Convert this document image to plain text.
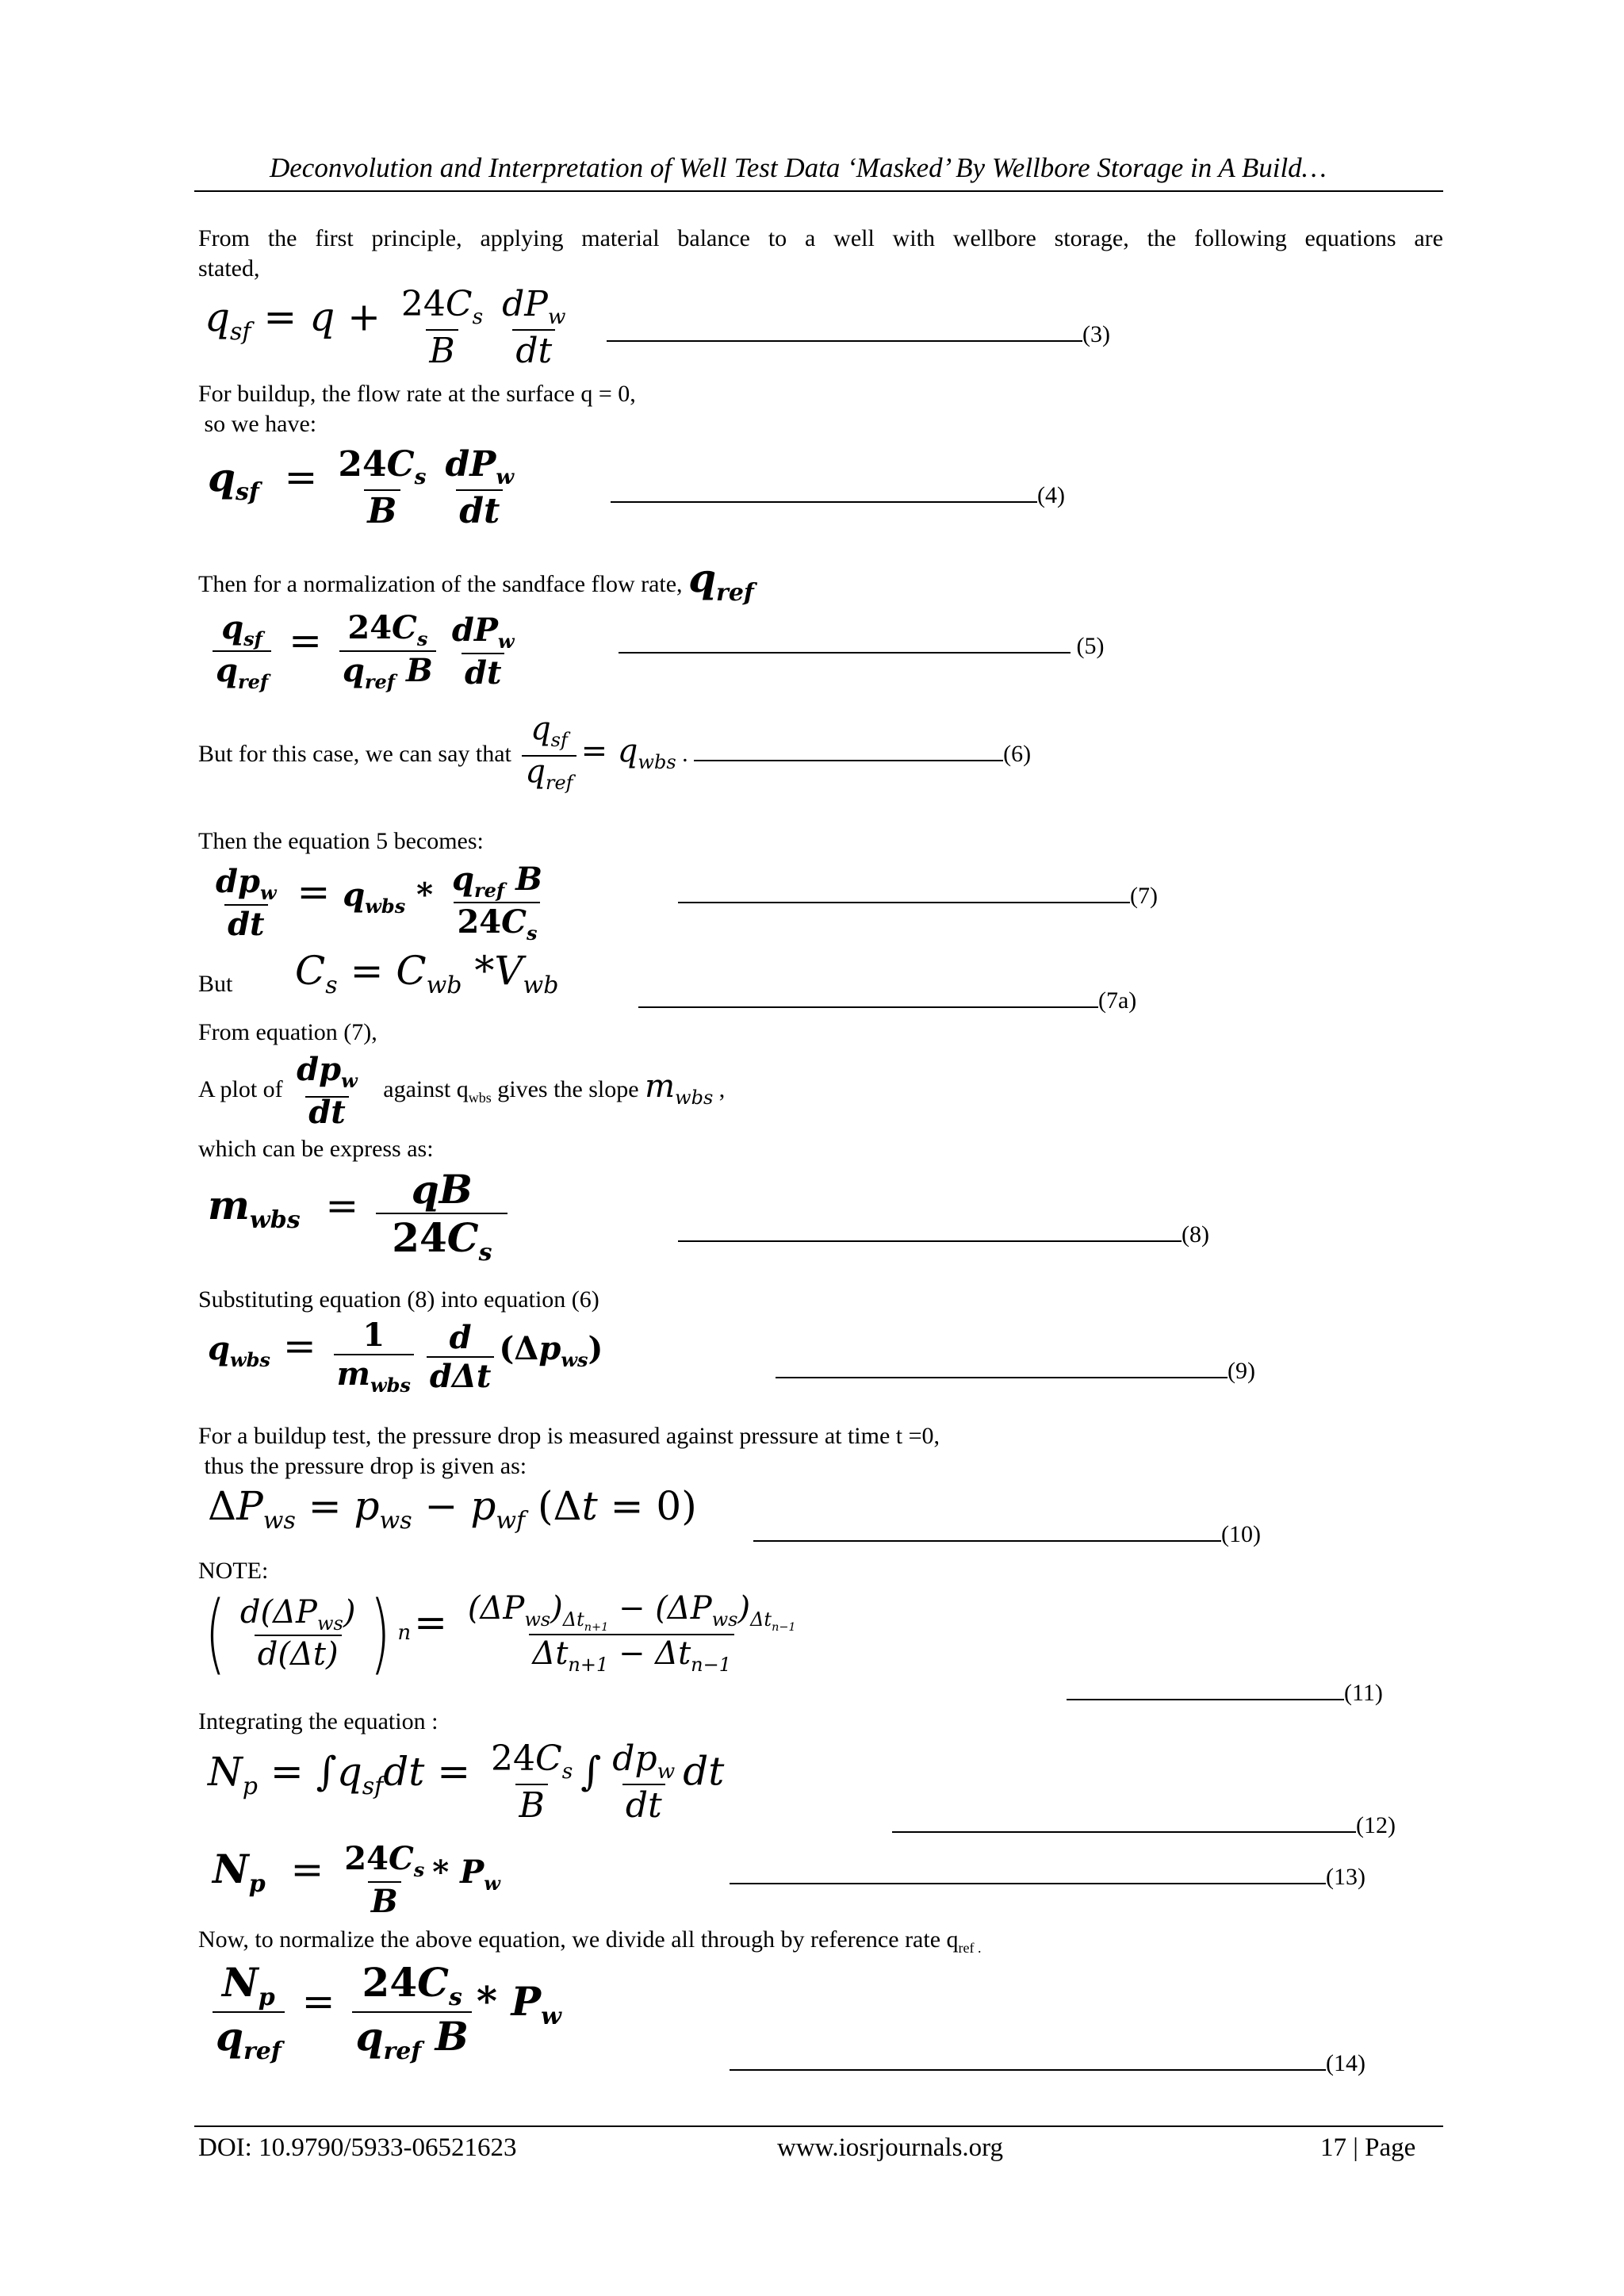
Deconvolution and Interpretation of Well Test Data ‘Masked’ By Wellbore Storage in A Build…
From the first principle, applying material balance to a well with wellbore storage, the following equations are
stated,
$q_{sf} = q + \frac{24C_s}{B}$
$\frac{dP_w}{dt}$	(3)
For buildup, the flow rate at the surface q = 0,
so we have:
$q_{sf} = \frac{24C_s}{B}$
$\frac{dP_w}{dt}$	(4)
Then for a normalization of the sandface flow rate, $q_{ref}$
$\frac{q_{sf}}{q_{ref}} = \frac{24C_s}{q_{ref} B}$
$\frac{dP_w}{dt}$	(5)
But for this case, we can say that $\frac{q_{sf}}{q_{ref}} = q_{wbs}$ .	(6)
Then the equation 5 becomes:
$\frac{dp_w}{dt} = q_{wbs} * \frac{q_{ref} B}{24C_s}$	(7)
But $C_s = C_{wb}$ $*V_{wb}$
(7a)
From equation (7),
A plot of $\frac{dp_w}{dt}$ against $q_{wbs}$ gives the slope $m_{wbs}$ ,
which can be express as:
$m_{wbs} = \frac{qB}{24C_s}$	(8)
Substituting equation (8) into equation (6)
$q_{wbs} = \frac{1}{m_{wbs}}$
$\frac{d}{\text{dΔt}} (\Delta p_{ws})$
(9)
For a buildup test, the pressure drop is measured against pressure at time t =0,
thus the pressure drop is given as:
$\Delta P_{ws} = p_{ws} - p_{wf}$ (Δt = 0)
(10)
NOTE:
( $\frac{d(\Delta P_{ws})}{d(\Delta t)}$ ) $_n = \frac{(\Delta P_{ws})_{\Delta t_{n+1}} - (\Delta P_{ws})_{\Delta t_{n-1}}}{\Delta t_{n+1} - \Delta t_{n-1}}$
(11)
Integrating the equation :
$N_p = \int q_{sf}dt = \frac{24C_s}{B}$ ∫ $\frac{dp_w}{dt}$ dt
(12)
$N_p = \frac{24C_s}{B} * P_w$	(13)
Now, to normalize the above equation, we divide all through by reference rate $q_{ref .}$
$\frac{N_p}{q_{ref}} = \frac{24C_s}{q_{ref} B} * P_w$
(14)
DOI: 10.9790/5933-06521623	www.iosrjournals.org	17 | Page
